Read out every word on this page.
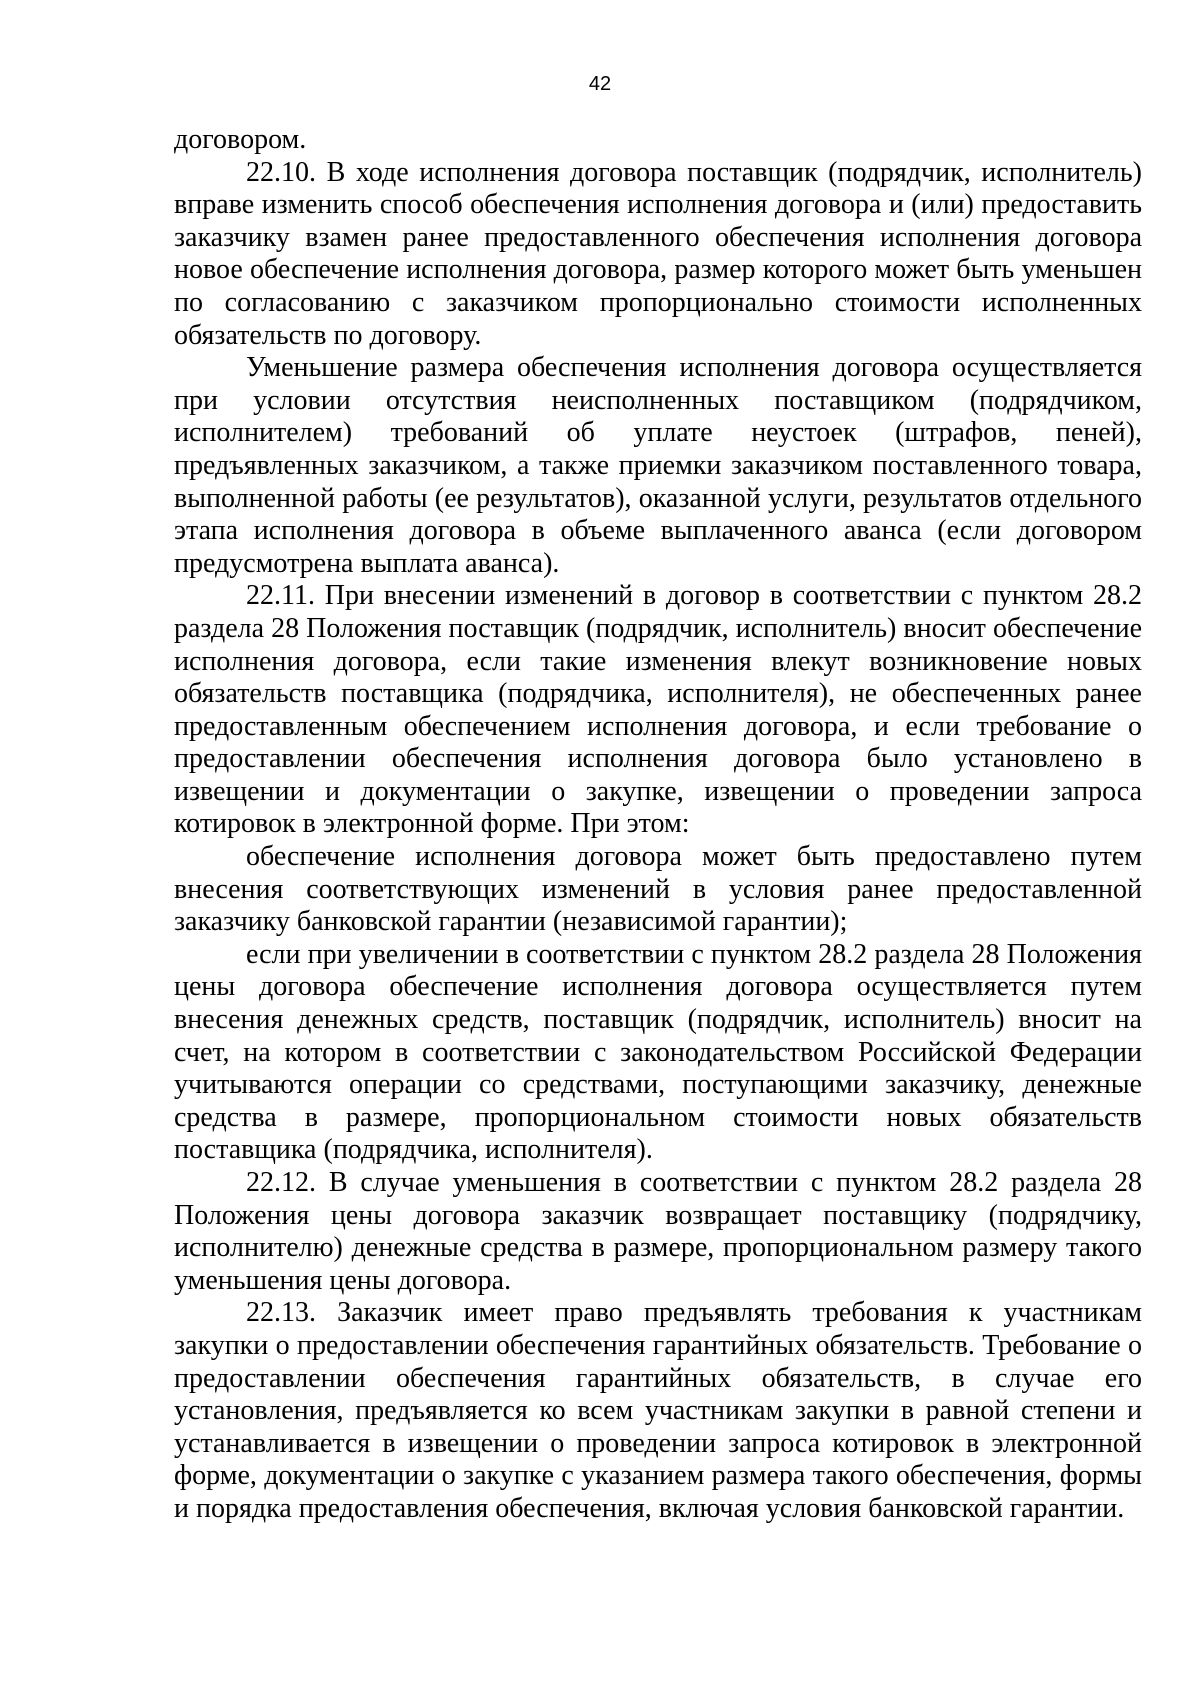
42

договором.

22.10. В ходе исполнения договора поставщик (подрядчик, исполнитель) вправе изменить способ обеспечения исполнения договора и (или) предоставить заказчику взамен ранее предоставленного обеспечения исполнения договора новое обеспечение исполнения договора, размер которого может быть уменьшен по согласованию с заказчиком пропорционально стоимости исполненных обязательств по договору.

Уменьшение размера обеспечения исполнения договора осуществляется при условии отсутствия неисполненных поставщиком (подрядчиком, исполнителем) требований об уплате неустоек (штрафов, пеней), предъявленных заказчиком, а также приемки заказчиком поставленного товара, выполненной работы (ее результатов), оказанной услуги, результатов отдельного этапа исполнения договора в объеме выплаченного аванса (если договором предусмотрена выплата аванса).

22.11. При внесении изменений в договор в соответствии с пунктом 28.2 раздела 28 Положения поставщик (подрядчик, исполнитель) вносит обеспечение исполнения договора, если такие изменения влекут возникновение новых обязательств поставщика (подрядчика, исполнителя), не обеспеченных ранее предоставленным обеспечением исполнения договора, и если требование о предоставлении обеспечения исполнения договора было установлено в извещении и документации о закупке, извещении о проведении запроса котировок в электронной форме. При этом:

обеспечение исполнения договора может быть предоставлено путем внесения соответствующих изменений в условия ранее предоставленной заказчику банковской гарантии (независимой гарантии);

если при увеличении в соответствии с пунктом 28.2 раздела 28 Положения цены договора обеспечение исполнения договора осуществляется путем внесения денежных средств, поставщик (подрядчик, исполнитель) вносит на счет, на котором в соответствии с законодательством Российской Федерации учитываются операции со средствами, поступающими заказчику, денежные средства в размере, пропорциональном стоимости новых обязательств поставщика (подрядчика, исполнителя).

22.12. В случае уменьшения в соответствии с пунктом 28.2 раздела 28 Положения цены договора заказчик возвращает поставщику (подрядчику, исполнителю) денежные средства в размере, пропорциональном размеру такого уменьшения цены договора.

22.13. Заказчик имеет право предъявлять требования к участникам закупки о предоставлении обеспечения гарантийных обязательств. Требование о предоставлении обеспечения гарантийных обязательств, в случае его установления, предъявляется ко всем участникам закупки в равной степени и устанавливается в извещении о проведении запроса котировок в электронной форме, документации о закупке с указанием размера такого обеспечения, формы и порядка предоставления обеспечения, включая условия банковской гарантии.
